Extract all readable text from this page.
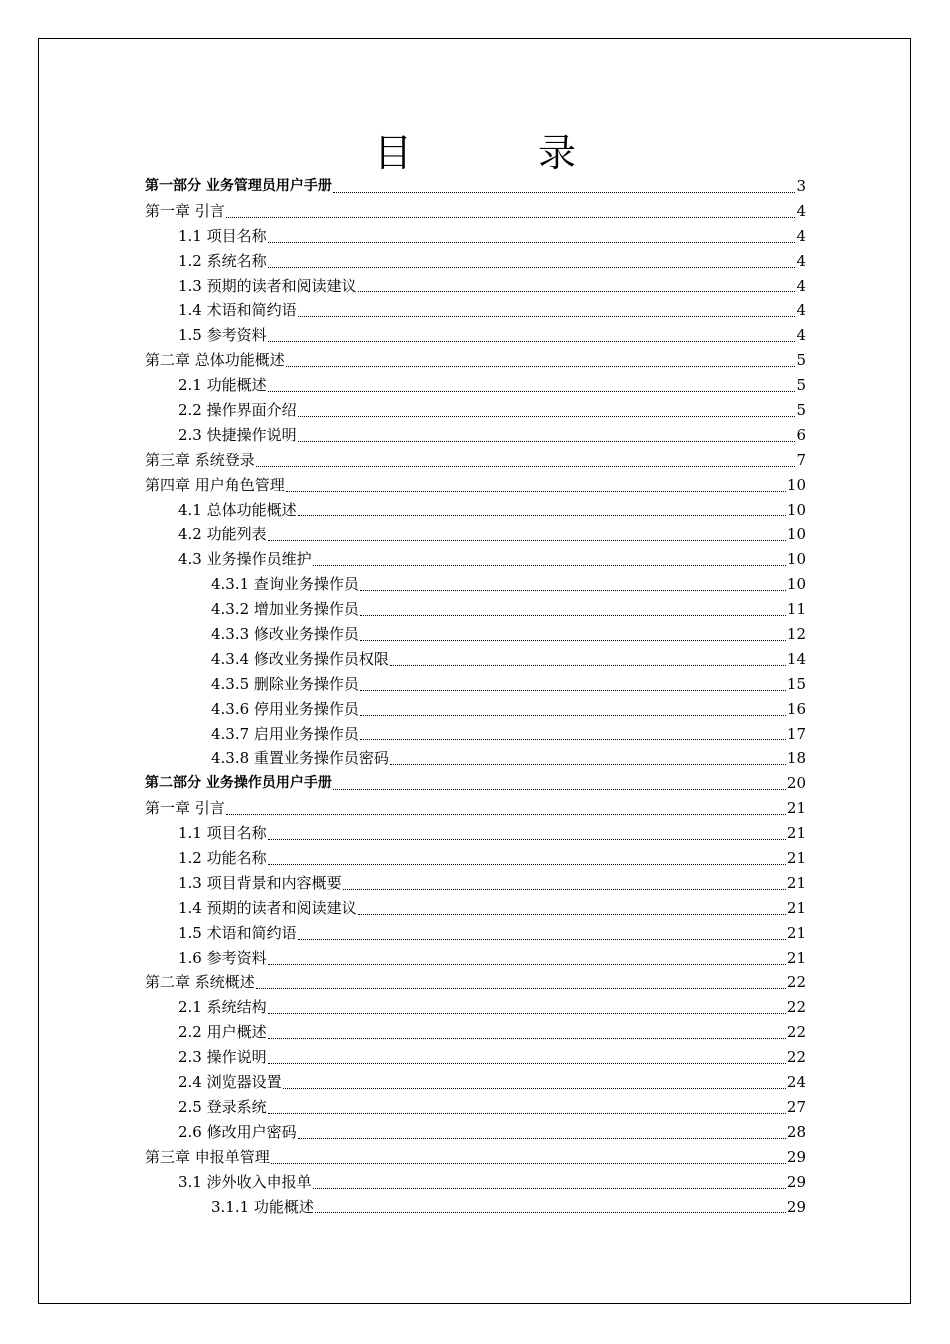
目　录
第一部分 业务管理员用户手册	3
第一章 引言	4
1.1 项目名称	4
1.2 系统名称	4
1.3 预期的读者和阅读建议	4
1.4 术语和简约语	4
1.5 参考资料	4
第二章 总体功能概述	5
2.1 功能概述	5
2.2 操作界面介绍	5
2.3 快捷操作说明	6
第三章 系统登录	7
第四章 用户角色管理	10
4.1 总体功能概述	10
4.2 功能列表	10
4.3 业务操作员维护	10
4.3.1 查询业务操作员	10
4.3.2 增加业务操作员	11
4.3.3 修改业务操作员	12
4.3.4 修改业务操作员权限	14
4.3.5 删除业务操作员	15
4.3.6 停用业务操作员	16
4.3.7 启用业务操作员	17
4.3.8 重置业务操作员密码	18
第二部分 业务操作员用户手册	20
第一章 引言	21
1.1 项目名称	21
1.2 功能名称	21
1.3 项目背景和内容概要	21
1.4 预期的读者和阅读建议	21
1.5 术语和简约语	21
1.6 参考资料	21
第二章 系统概述	22
2.1 系统结构	22
2.2 用户概述	22
2.3 操作说明	22
2.4 浏览器设置	24
2.5 登录系统	27
2.6 修改用户密码	28
第三章 申报单管理	29
3.1 涉外收入申报单	29
3.1.1 功能概述	29
